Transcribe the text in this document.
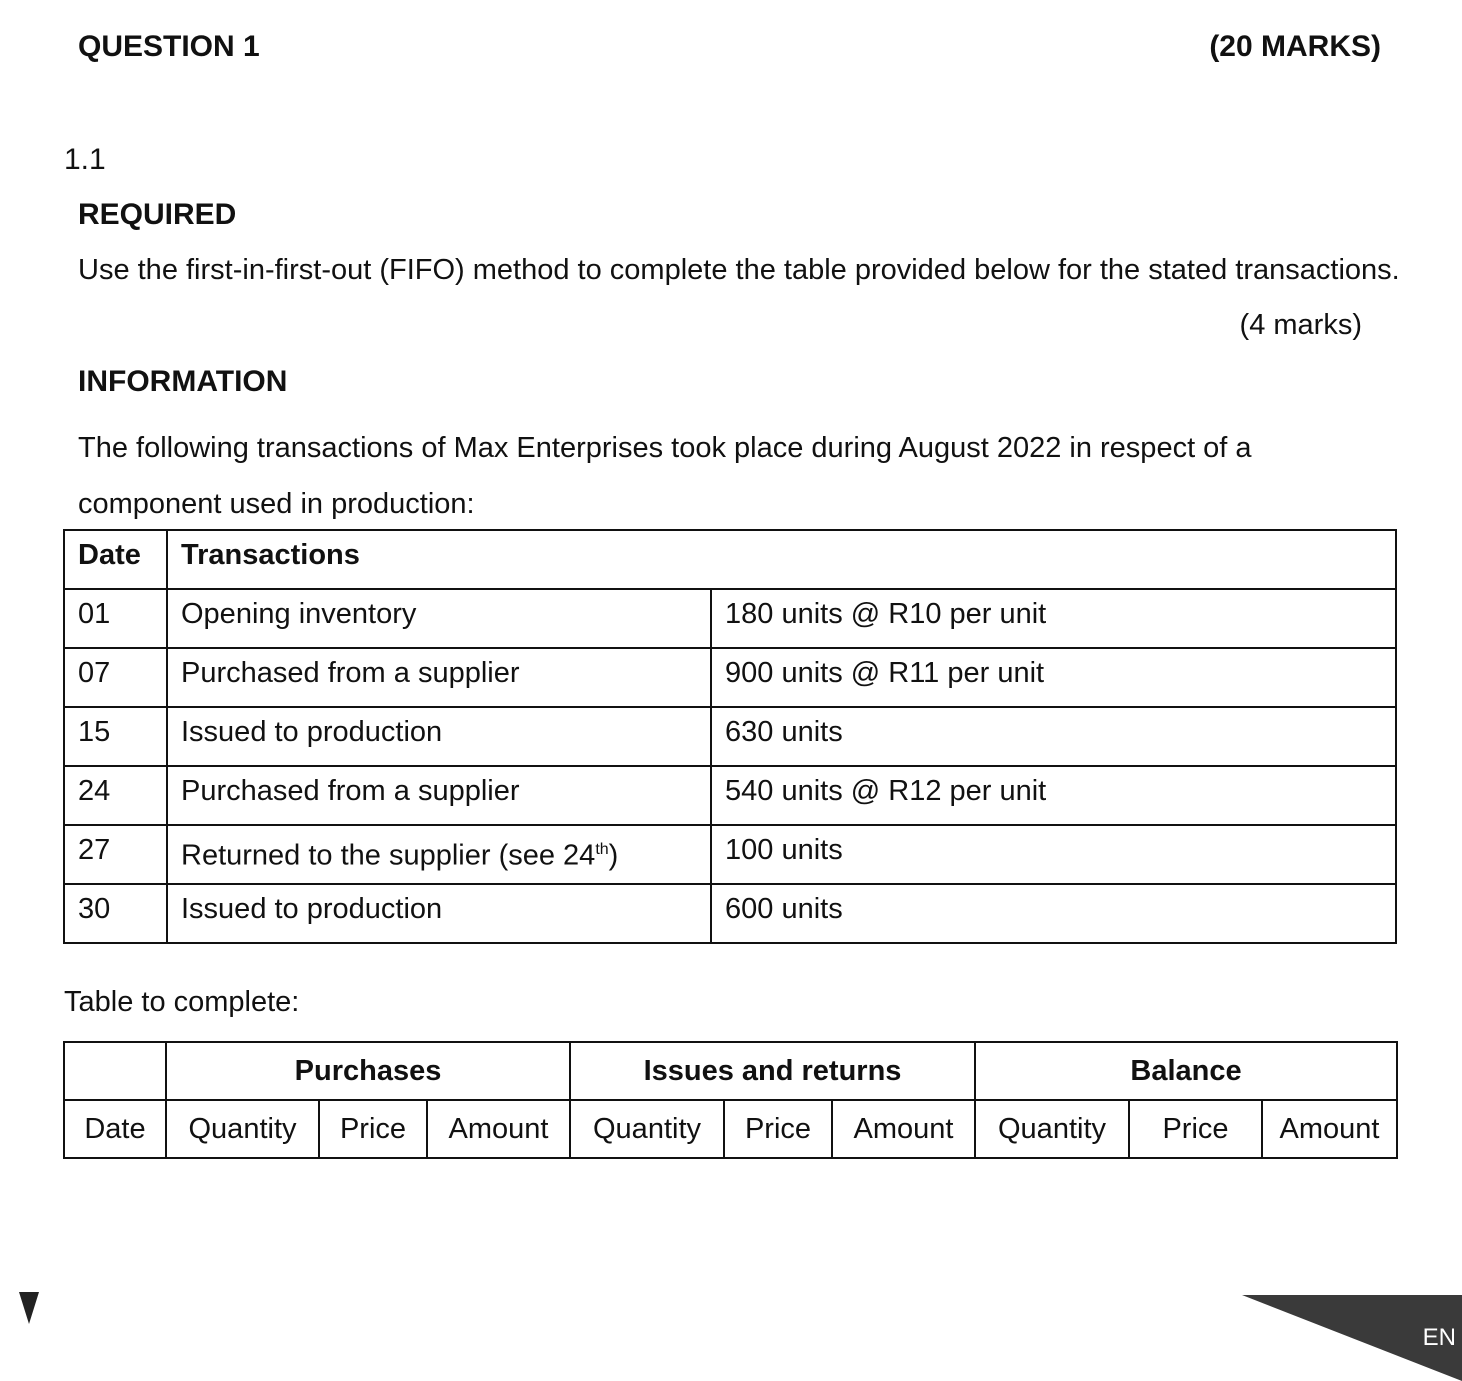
QUESTION 1	(20 MARKS)
1.1
REQUIRED
Use the first-in-first-out (FIFO) method to complete the table provided below for the stated transactions.
(4 marks)
INFORMATION
The following transactions of Max Enterprises took place during August 2022 in respect of a component used in production:
Date	Transactions	
01	Opening inventory	180 units @ R10 per unit
07	Purchased from a supplier	900 units @ R11 per unit
15	Issued to production	630 units
24	Purchased from a supplier	540 units @ R12 per unit
27	Returned to the supplier (see 24th)	100 units
30	Issued to production	600 units
Table to complete:
	Purchases			Issues and returns			Balance		
Date	Quantity	Price	Amount	Quantity	Price	Amount	Quantity	Price	Amount
EN
